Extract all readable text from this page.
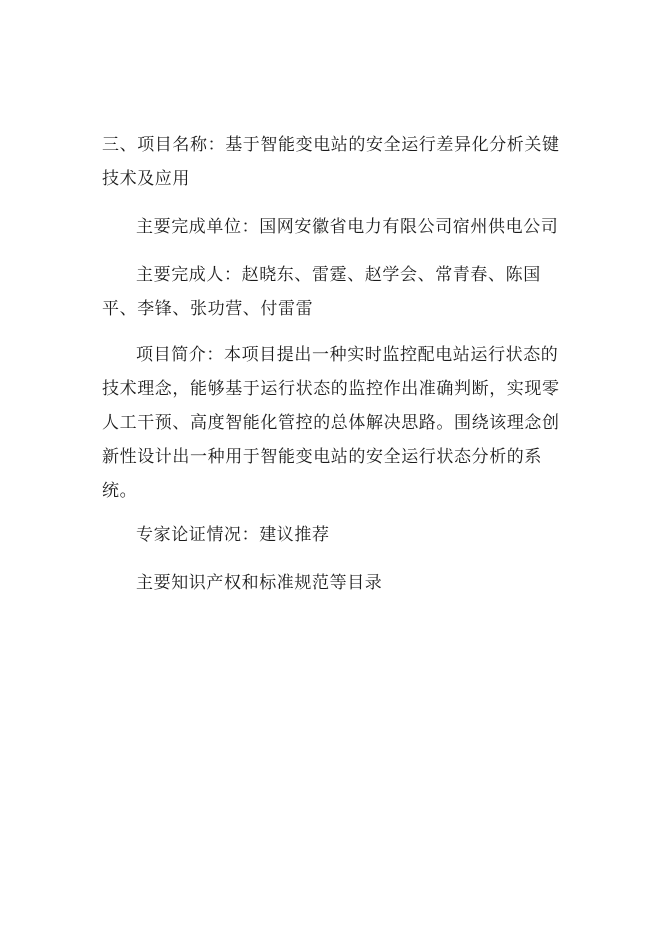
三、项目名称：基于智能变电站的安全运行差异化分析关键技术及应用

主要完成单位：国网安徽省电力有限公司宿州供电公司

主要完成人：赵晓东、雷霆、赵学会、常青春、陈国平、李锋、张功营、付雷雷

项目简介：本项目提出一种实时监控配电站运行状态的技术理念，能够基于运行状态的监控作出准确判断，实现零人工干预、高度智能化管控的总体解决思路。围绕该理念创新性设计出一种用于智能变电站的安全运行状态分析的系统。

专家论证情况：建议推荐

主要知识产权和标准规范等目录
